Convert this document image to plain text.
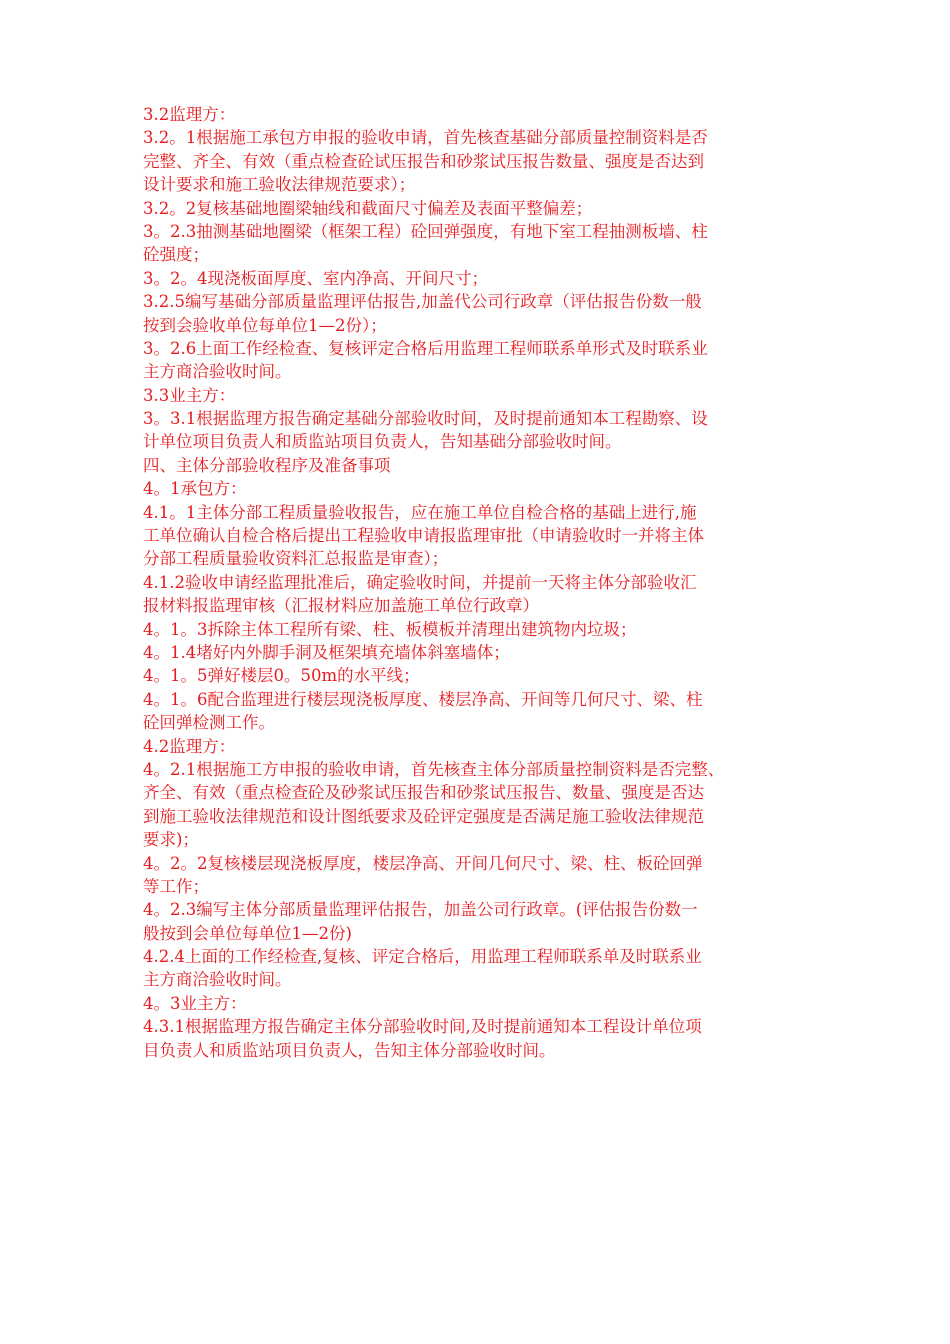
3.2监理方：
3.2。1根据施工承包方申报的验收申请，首先核查基础分部质量控制资料是否
完整、齐全、有效（重点检查砼试压报告和砂浆试压报告数量、强度是否达到
设计要求和施工验收法律规范要求）；
3.2。2复核基础地圈梁轴线和截面尺寸偏差及表面平整偏差；
3。2.3抽测基础地圈梁（框架工程）砼回弹强度，有地下室工程抽测板墙、柱
砼强度；
3。2。4现浇板面厚度、室内净高、开间尺寸；
3.2.5编写基础分部质量监理评估报告,加盖代公司行政章（评估报告份数一般
按到会验收单位每单位1—2份）；
3。2.6上面工作经检查、复核评定合格后用监理工程师联系单形式及时联系业
主方商洽验收时间。
3.3业主方：
3。3.1根据监理方报告确定基础分部验收时间，及时提前通知本工程勘察、设
计单位项目负责人和质监站项目负责人，告知基础分部验收时间。
四、主体分部验收程序及准备事项
4。1承包方：
4.1。1主体分部工程质量验收报告，应在施工单位自检合格的基础上进行,施
工单位确认自检合格后提出工程验收申请报监理审批（申请验收时一并将主体
分部工程质量验收资料汇总报监是审查）；
4.1.2验收申请经监理批准后，确定验收时间，并提前一天将主体分部验收汇
报材料报监理审核（汇报材料应加盖施工单位行政章）
4。1。3拆除主体工程所有梁、柱、板模板并清理出建筑物内垃圾；
4。1.4堵好内外脚手洞及框架填充墙体斜塞墙体；
4。1。5弹好楼层0。50m的水平线；
4。1。6配合监理进行楼层现浇板厚度、楼层净高、开间等几何尺寸、梁、柱
砼回弹检测工作。
4.2监理方：
4。2.1根据施工方申报的验收申请，首先核查主体分部质量控制资料是否完整、
齐全、有效（重点检查砼及砂浆试压报告和砂浆试压报告、数量、强度是否达
到施工验收法律规范和设计图纸要求及砼评定强度是否满足施工验收法律规范
要求)；
4。2。2复核楼层现浇板厚度，楼层净高、开间几何尺寸、梁、柱、板砼回弹
等工作；
4。2.3编写主体分部质量监理评估报告，加盖公司行政章。(评估报告份数一
般按到会单位每单位1—2份)
4.2.4上面的工作经检查,复核、评定合格后，用监理工程师联系单及时联系业
主方商洽验收时间。
4。3业主方：
4.3.1根据监理方报告确定主体分部验收时间,及时提前通知本工程设计单位项
目负责人和质监站项目负责人，告知主体分部验收时间。
